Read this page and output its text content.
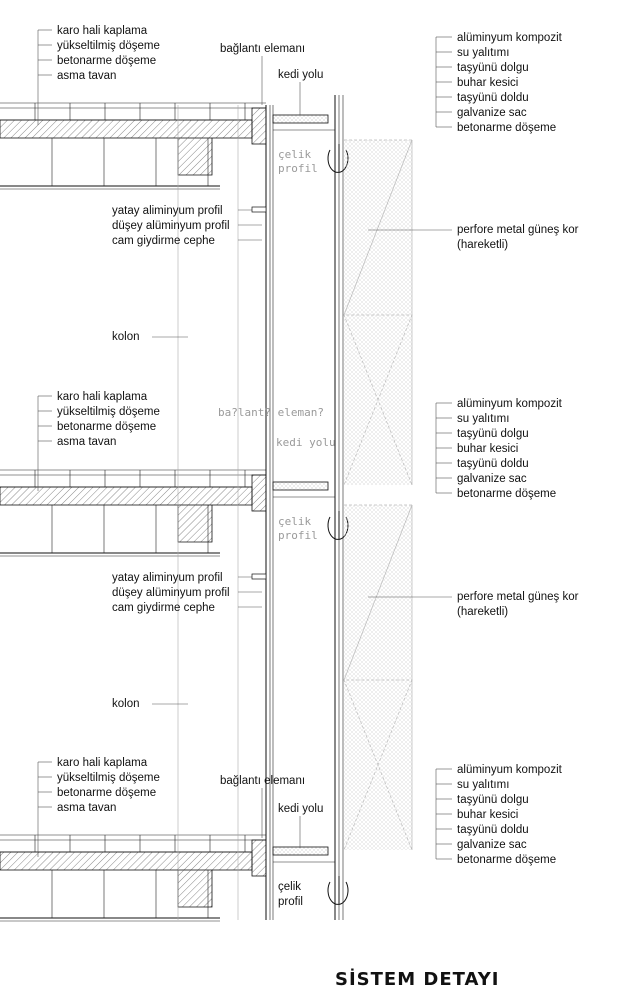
karo hali kaplama
yükseltilmiş döşeme
betonarme döşeme
asma tavan
karo hali kaplama
yükseltilmiş döşeme
betonarme döşeme
asma tavan
karo hali kaplama
yükseltilmiş döşeme
betonarme döşeme
asma tavan
alüminyum kompozit
su yalıtımı
taşyünü dolgu
buhar kesici
taşyünü doldu
galvanize sac
betonarme döşeme
alüminyum kompozit
su yalıtımı
taşyünü dolgu
buhar kesici
taşyünü doldu
galvanize sac
betonarme döşeme
alüminyum kompozit
su yalıtımı
taşyünü dolgu
buhar kesici
taşyünü doldu
galvanize sac
betonarme döşeme
bağlantı elemanı
kedi yolu
çelik
profil
ba?lant? eleman?
kedi yolu
çelik
profil
bağlantı elemanı
kedi yolu
çelik
profil
yatay aliminyum profil
düşey alüminyum profil
cam giydirme cephe
yatay aliminyum profil
düşey alüminyum profil
cam giydirme cephe
kolon
kolon
perfore metal güneş kor
(hareketli)
perfore metal güneş kor
(hareketli)
SİSTEM DETAYI
